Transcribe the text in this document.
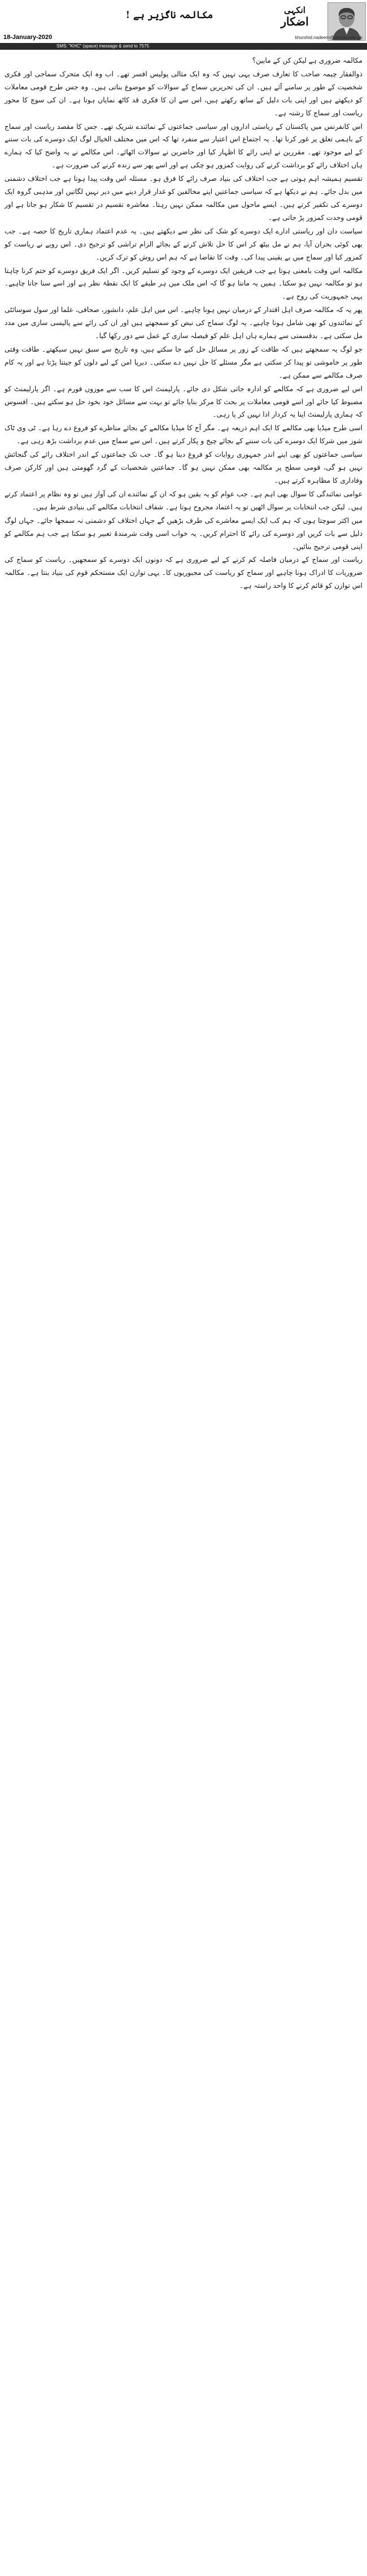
مکالمہ ناگزیر ہے !	انکہی
اضکار
18-January-2020	khurshid.nadeem@dunya.com.pk
SMS: "KHC" (space) message & send to 7575

مکالمہ ضروری ہے لیکن کن کے مابین؟

ذوالفقار چیمہ صاحب کا تعارف صرف یہی نہیں کہ وہ ایک مثالی پولیس افسر تھے۔ اب وہ ایک متحرک سماجی اور فکری شخصیت کے طور پر سامنے آئے ہیں۔ ان کی تحریریں سماج کے سوالات کو موضوع بناتی ہیں۔ وہ جس طرح قومی معاملات کو دیکھتے ہیں اور اپنی بات دلیل کے ساتھ رکھتے ہیں، اس سے ان کا فکری قد کاٹھ نمایاں ہوتا ہے۔ ان کی سوچ کا محور ریاست اور سماج کا رشتہ ہے۔

اس کانفرنس میں پاکستان کے ریاستی اداروں اور سیاسی جماعتوں کے نمائندے شریک تھے۔ جس کا مقصد ریاست اور سماج کے باہمی تعلق پر غور کرنا تھا۔ یہ اجتماع اس اعتبار سے منفرد تھا کہ اس میں مختلف الخیال لوگ ایک دوسرے کی بات سننے کے لیے موجود تھے۔ مقررین نے اپنی رائے کا اظہار کیا اور حاضرین نے سوالات اٹھائے۔ اس مکالمے نے یہ واضح کیا کہ ہمارے ہاں اختلاف رائے کو برداشت کرنے کی روایت کمزور ہو چکی ہے اور اسے پھر سے زندہ کرنے کی ضرورت ہے۔

تقسیم ہمیشہ اہم ہوتی ہے جب اختلاف کی بنیاد صرف رائے کا فرق ہو۔ مسئلہ اس وقت پیدا ہوتا ہے جب اختلاف دشمنی میں بدل جائے۔ ہم نے دیکھا ہے کہ سیاسی جماعتیں اپنے مخالفین کو غدار قرار دینے میں دیر نہیں لگاتیں اور مذہبی گروہ ایک دوسرے کی تکفیر کرتے ہیں۔ ایسے ماحول میں مکالمہ ممکن نہیں رہتا۔ معاشرہ تقسیم در تقسیم کا شکار ہو جاتا ہے اور قومی وحدت کمزور پڑ جاتی ہے۔

سیاست دان اور ریاستی ادارے ایک دوسرے کو شک کی نظر سے دیکھتے ہیں۔ یہ عدم اعتماد ہماری تاریخ کا حصہ ہے۔ جب بھی کوئی بحران آیا، ہم نے مل بیٹھ کر اس کا حل تلاش کرنے کے بجائے الزام تراشی کو ترجیح دی۔ اس رویے نے ریاست کو کمزور کیا اور سماج میں بے یقینی پیدا کی۔ وقت کا تقاضا ہے کہ ہم اس روش کو ترک کریں۔

مکالمہ اس وقت بامعنی ہوتا ہے جب فریقین ایک دوسرے کے وجود کو تسلیم کریں۔ اگر ایک فریق دوسرے کو ختم کرنا چاہتا ہو تو مکالمہ نہیں ہو سکتا۔ ہمیں یہ ماننا ہو گا کہ اس ملک میں ہر طبقے کا ایک نقطۂ نظر ہے اور اسے سنا جانا چاہیے۔ یہی جمہوریت کی روح ہے۔

پھر یہ کہ مکالمہ صرف اہل اقتدار کے درمیان نہیں ہونا چاہیے۔ اس میں اہل علم، دانشور، صحافی، علما اور سول سوسائٹی کے نمائندوں کو بھی شامل ہونا چاہیے۔ یہ لوگ سماج کی نبض کو سمجھتے ہیں اور ان کی رائے سے پالیسی سازی میں مدد مل سکتی ہے۔ بدقسمتی سے ہمارے ہاں اہل علم کو فیصلہ سازی کے عمل سے دور رکھا گیا۔

جو لوگ یہ سمجھتے ہیں کہ طاقت کے زور پر مسائل حل کیے جا سکتے ہیں، وہ تاریخ سے سبق نہیں سیکھتے۔ طاقت وقتی طور پر خاموشی تو پیدا کر سکتی ہے مگر مسئلے کا حل نہیں دے سکتی۔ دیرپا امن کے لیے دلوں کو جیتنا پڑتا ہے اور یہ کام صرف مکالمے سے ممکن ہے۔

اس لیے ضروری ہے کہ مکالمے کو ادارہ جاتی شکل دی جائے۔ پارلیمنٹ اس کا سب سے موزوں فورم ہے۔ اگر پارلیمنٹ کو مضبوط کیا جائے اور اسے قومی معاملات پر بحث کا مرکز بنایا جائے تو بہت سے مسائل خود بخود حل ہو سکتے ہیں۔ افسوس کہ ہماری پارلیمنٹ اپنا یہ کردار ادا نہیں کر پا رہی۔

اسی طرح میڈیا بھی مکالمے کا ایک اہم ذریعہ ہے۔ مگر آج کا میڈیا مکالمے کے بجائے مناظرے کو فروغ دے رہا ہے۔ ٹی وی ٹاک شوز میں شرکا ایک دوسرے کی بات سننے کے بجائے چیخ و پکار کرتے ہیں۔ اس سے سماج میں عدم برداشت بڑھ رہی ہے۔

سیاسی جماعتوں کو بھی اپنے اندر جمہوری روایات کو فروغ دینا ہو گا۔ جب تک جماعتوں کے اندر اختلاف رائے کی گنجائش نہیں ہو گی، قومی سطح پر مکالمہ بھی ممکن نہیں ہو گا۔ جماعتیں شخصیات کے گرد گھومتی ہیں اور کارکن صرف وفاداری کا مظاہرہ کرتے ہیں۔

عوامی نمائندگی کا سوال بھی اہم ہے۔ جب عوام کو یہ یقین ہو کہ ان کے نمائندے ان کی آواز ہیں تو وہ نظام پر اعتماد کرتے ہیں۔ لیکن جب انتخابات پر سوال اٹھیں تو یہ اعتماد مجروح ہوتا ہے۔ شفاف انتخابات مکالمے کی بنیادی شرط ہیں۔

میں اکثر سوچتا ہوں کہ ہم کب ایک ایسے معاشرے کی طرف بڑھیں گے جہاں اختلاف کو دشمنی نہ سمجھا جائے۔ جہاں لوگ دلیل سے بات کریں اور دوسرے کی رائے کا احترام کریں۔ یہ خواب اسی وقت شرمندۂ تعبیر ہو سکتا ہے جب ہم مکالمے کو اپنی قومی ترجیح بنائیں۔

ریاست اور سماج کے درمیان فاصلہ کم کرنے کے لیے ضروری ہے کہ دونوں ایک دوسرے کو سمجھیں۔ ریاست کو سماج کی ضروریات کا ادراک ہونا چاہیے اور سماج کو ریاست کی مجبوریوں کا۔ یہی توازن ایک مستحکم قوم کی بنیاد بنتا ہے۔ مکالمہ اس توازن کو قائم کرنے کا واحد راستہ ہے۔
